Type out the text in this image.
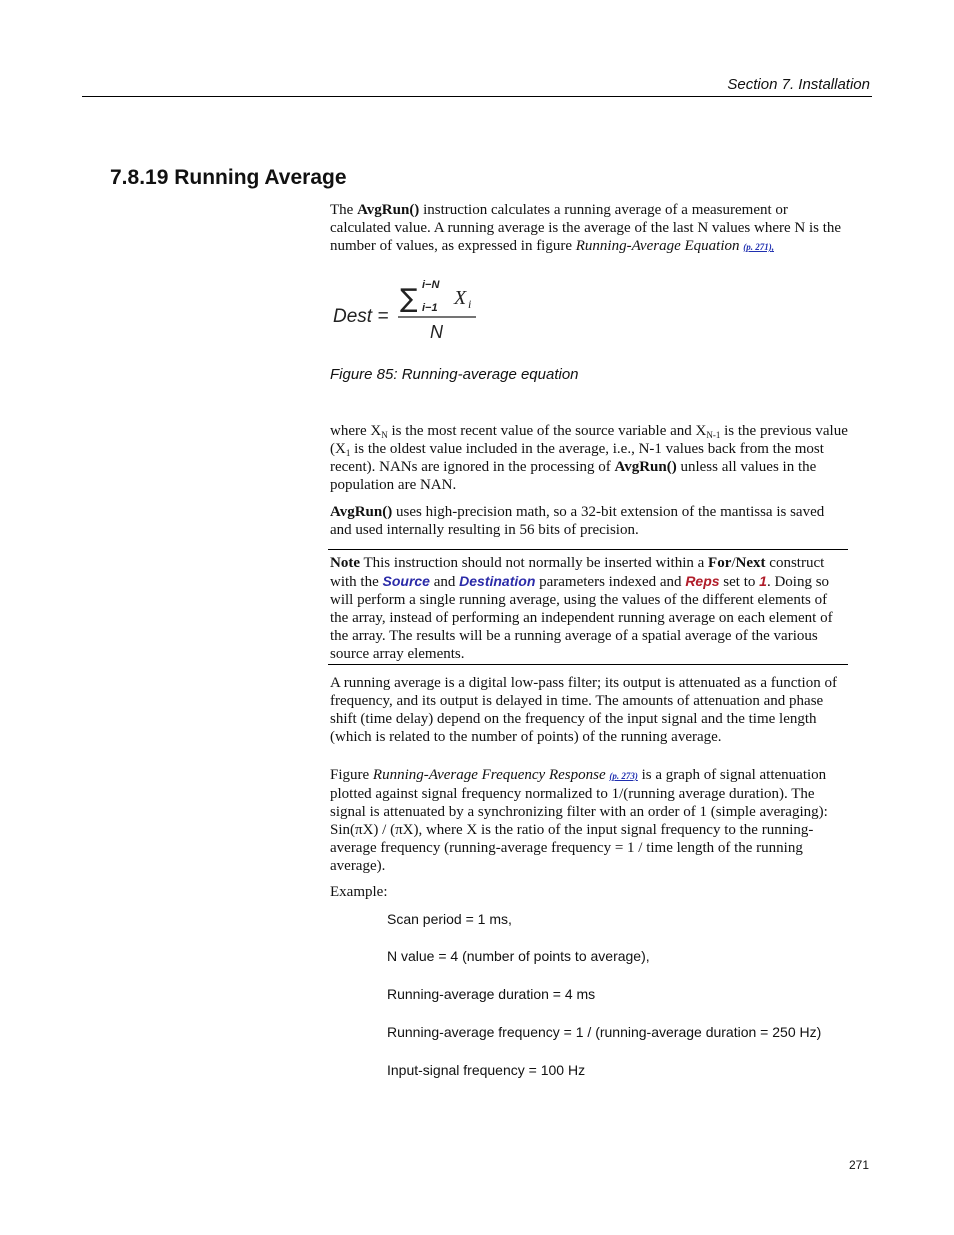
Section 7. Installation
7.8.19 Running Average

The AvgRun() instruction calculates a running average of a measurement or calculated value. A running average is the average of the last N values where N is the number of values, as expressed in figure Running-Average Equation (p. 271),

Dest =
∑ i−N
i−1 X i
N
Figure 85: Running-average equation

where $X_N$ is the most recent value of the source variable and $X_{N-1}$ is the previous value ($X_1$ is the oldest value included in the average, i.e., N-1 values back from the most recent). NANs are ignored in the processing of AvgRun() unless all values in the population are NAN.

AvgRun() uses high-precision math, so a 32-bit extension of the mantissa is saved and used internally resulting in 56 bits of precision.

Note This instruction should not normally be inserted within a For/Next construct with the Source and Destination parameters indexed and Reps set to 1. Doing so will perform a single running average, using the values of the different elements of the array, instead of performing an independent running average on each element of the array. The results will be a running average of a spatial average of the various source array elements.

A running average is a digital low-pass filter; its output is attenuated as a function of frequency, and its output is delayed in time. The amounts of attenuation and phase shift (time delay) depend on the frequency of the input signal and the time length (which is related to the number of points) of the running average.

Figure Running-Average Frequency Response (p. 273) is a graph of signal attenuation plotted against signal frequency normalized to 1/(running average duration). The signal is attenuated by a synchronizing filter with an order of 1 (simple averaging): Sin(πX) / (πX), where X is the ratio of the input signal frequency to the running-average frequency (running-average frequency = 1 / time length of the running average).

Example:

Scan period = 1 ms,
N value = 4 (number of points to average),
Running-average duration = 4 ms
Running-average frequency = 1 / (running-average duration = 250 Hz)
Input-signal frequency = 100 Hz
271
